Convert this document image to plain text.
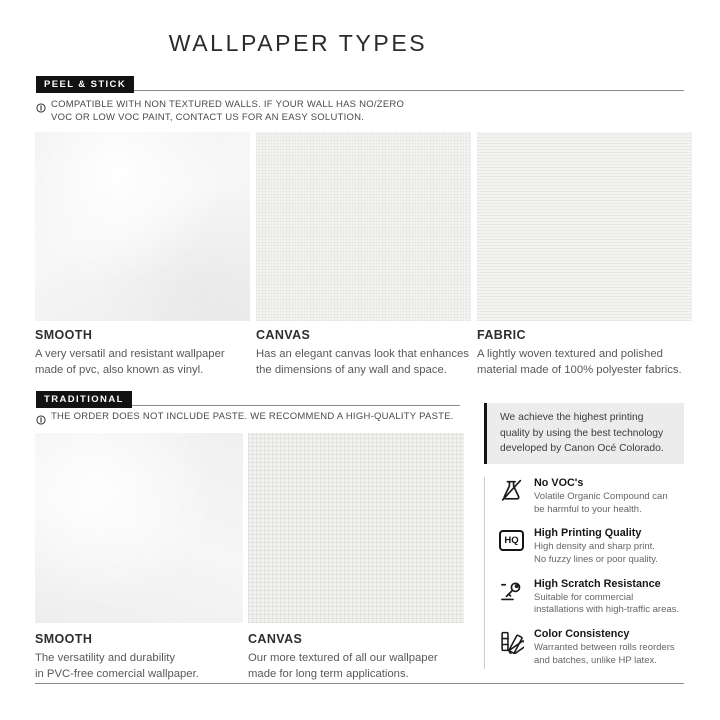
WALLPAPER TYPES
PEEL & STICK
COMPATIBLE WITH NON TEXTURED WALLS. IF YOUR WALL HAS NO/ZERO
VOC OR LOW VOC PAINT, CONTACT US FOR AN EASY SOLUTION.
SMOOTH
A very versatil and resistant wallpaper
made of pvc, also known as vinyl.
CANVAS
Has an elegant canvas look that enhances
the dimensions of any wall and space.
FABRIC
A lightly woven textured and polished
material made of 100% polyester fabrics.
TRADITIONAL
THE ORDER DOES NOT INCLUDE PASTE. WE RECOMMEND A HIGH-QUALITY PASTE.
SMOOTH
The versatility and durability
in PVC-free comercial wallpaper.
CANVAS
Our more textured of all our wallpaper
made for long term applications.
We achieve the highest printing
quality by using the best technology
developed by Canon Océ Colorado.
No VOC's
Volatile Organic Compound can
be harmful to your health.
HQ
High Printing Quality
High density and sharp print.
No fuzzy lines or poor quality.
High Scratch Resistance
Suitable for commercial
installations with high-traffic areas.
Color Consistency
Warranted between rolls reorders
and batches, unlike HP latex.
